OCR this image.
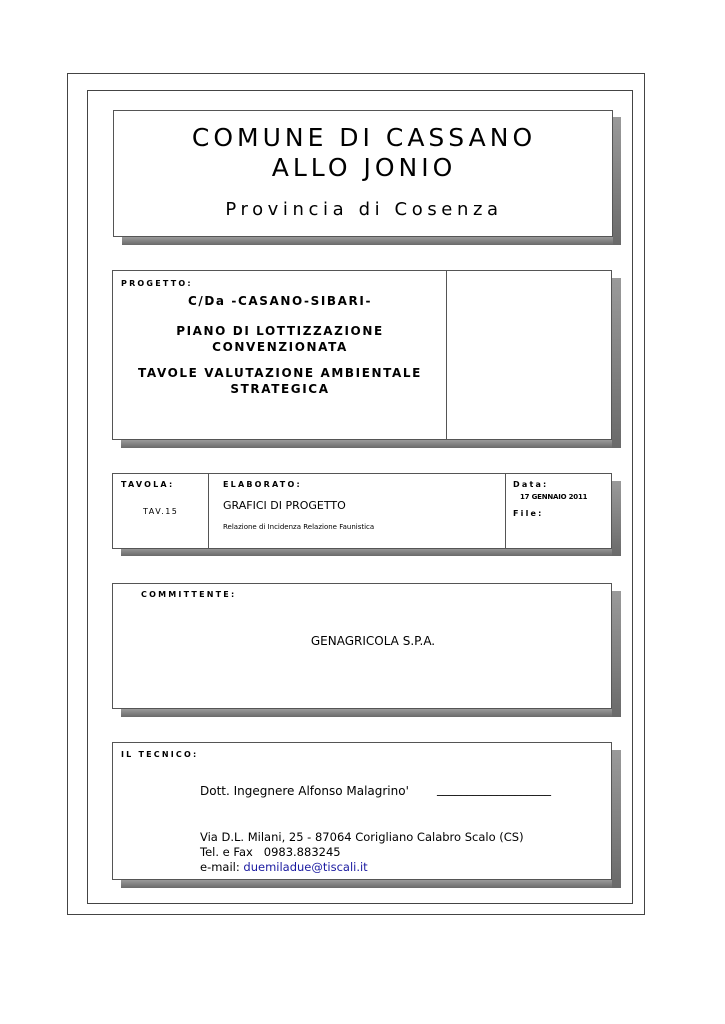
COMUNE DI CASSANO
ALLO JONIO
Provincia di Cosenza
PROGETTO:
C/Da -CASANO-SIBARI-
PIANO DI LOTTIZZAZIONE
CONVENZIONATA
TAVOLE VALUTAZIONE AMBIENTALE
STRATEGICA
TAVOLA:
TAV.15
ELABORATO:
GRAFICI DI PROGETTO
Relazione di Incidenza Relazione Faunistica
Data:
17 GENNAIO 2011
File:
COMMITTENTE:
GENAGRICOLA S.P.A.
IL TECNICO:
Dott. Ingegnere Alfonso Malagrino' ___________________
Via D.L. Milani, 25 - 87064 Corigliano Calabro Scalo (CS)
Tel. e Fax   0983.883245
e-mail: duemiladue@tiscali.it
